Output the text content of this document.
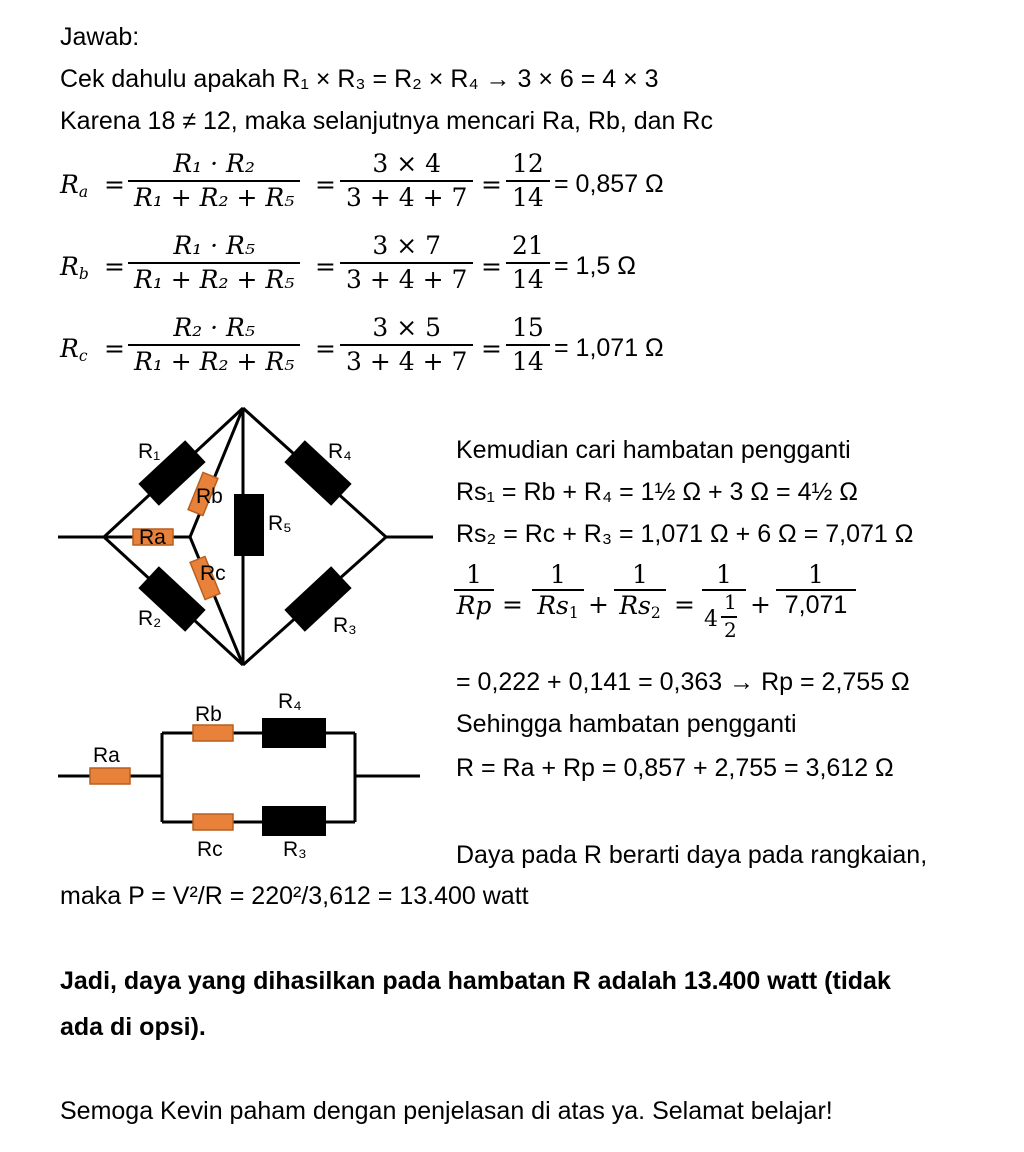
Jawab:
Cek dahulu apakah R₁ × R₃ = R₂ × R₄ → 3 × 6 = 4 × 3
Karena 18 ≠ 12, maka selanjutnya mencari Ra, Rb, dan Rc
$R_a = \frac{\text{R₁ · R₂}}{\text{R₁ + R₂ + R₅}} = \frac{3 \times 4}{3 + 4 + 7} = \frac{12}{14} = 0,857$ Ω
$R_b = \frac{\text{R₁ · R₅}}{\text{R₁ + R₂ + R₅}} = \frac{3 \times 7}{3 + 4 + 7} = \frac{21}{14} = 1,5$ Ω
$R_c = \frac{\text{R₂ · R₅}}{\text{R₁ + R₂ + R₅}} = \frac{3 \times 5}{3 + 4 + 7} = \frac{15}{14} = 1,071$ Ω
R₁	R₄
Rb
R₅
Ra
Rc
R₂	R₃
Ra
Rb
R₄
Rc	R₃
Kemudian cari hambatan pengganti
Rs₁ = Rb + R₄ = 1½ Ω + 3 Ω = 4½ Ω
Rs₂ = Rc + R₃ = 1,071 Ω + 6 Ω = 7,071 Ω
$\frac{1}{Rp} = \frac{1}{Rs_1} + \frac{1}{Rs_2}$ =
1
4
1
2
+ $\frac{1}{7,071}$
= 0,222 + 0,141 = 0,363 → Rp = 2,755 Ω
Sehingga hambatan pengganti
R = Ra + Rp = 0,857 + 2,755 = 3,612 Ω
Daya pada R berarti daya pada rangkaian,
maka P = V²/R = 220²/3,612 = 13.400 watt
Jadi, daya yang dihasilkan pada hambatan R adalah 13.400 watt (tidak
ada di opsi).
Semoga Kevin paham dengan penjelasan di atas ya. Selamat belajar!
